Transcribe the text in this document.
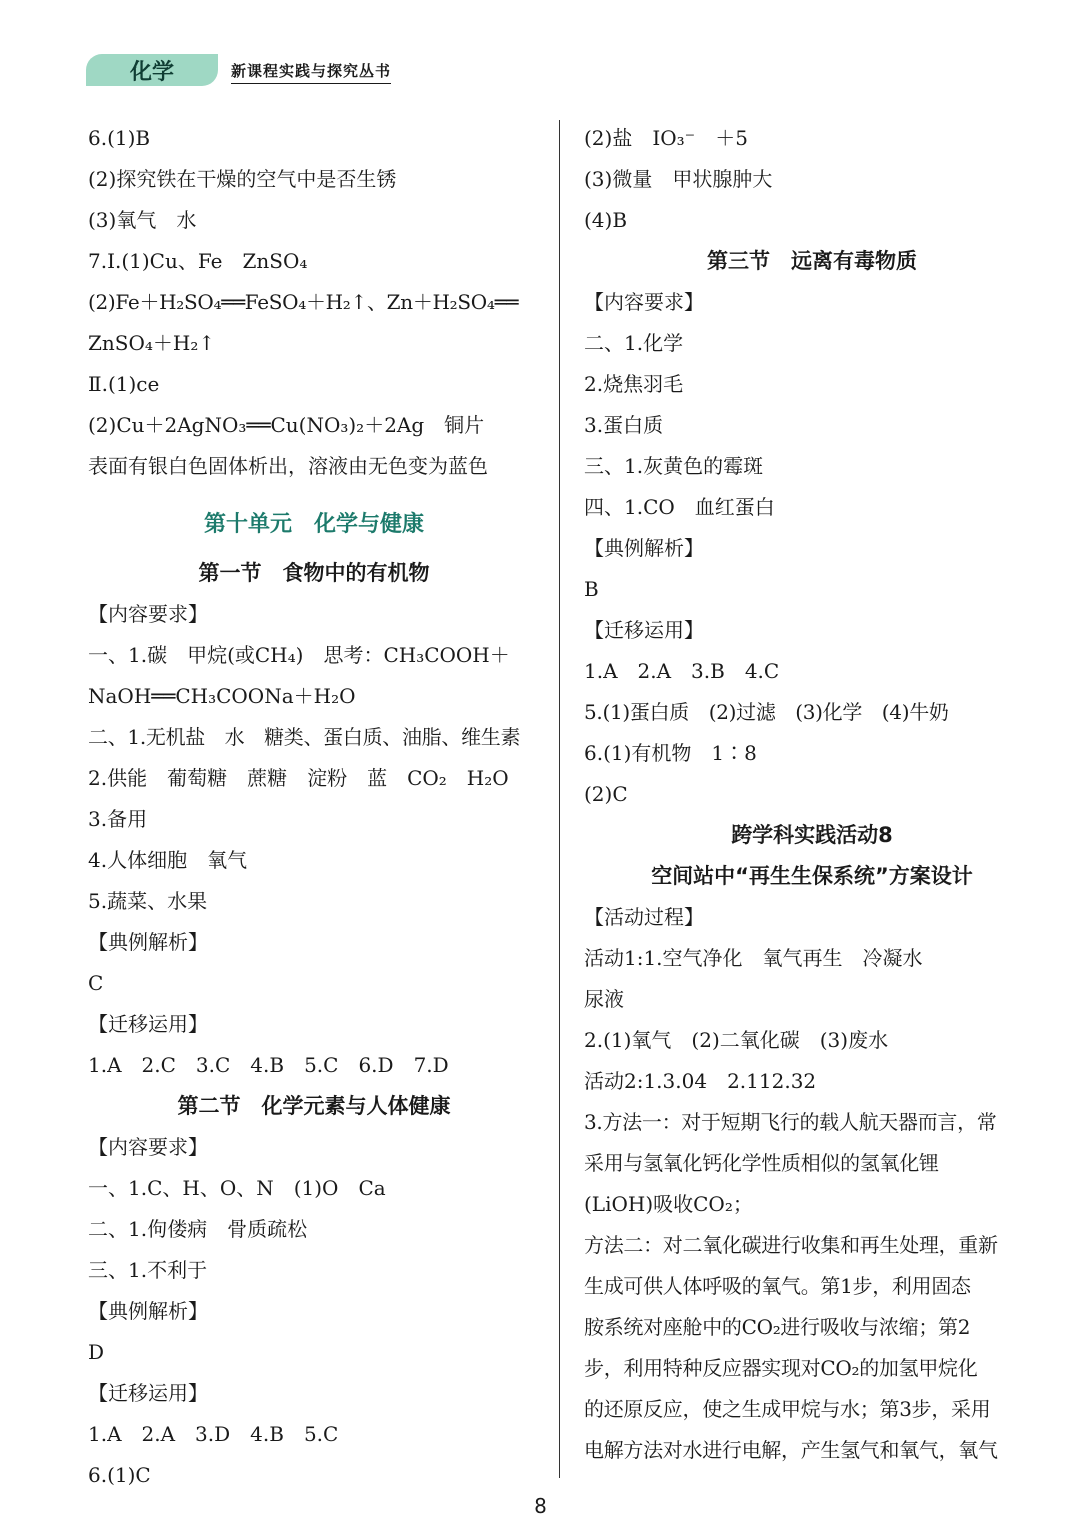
化学	新课程实践与探究丛书
6.(1)B
(2)探究铁在干燥的空气中是否生锈
(3)氧气　水
7.Ⅰ.(1)Cu、Fe　ZnSO₄
(2)Fe＋H₂SO₄══FeSO₄＋H₂↑、Zn＋H₂SO₄══
ZnSO₄＋H₂↑
Ⅱ.(1)ce
(2)Cu＋2AgNO₃══Cu(NO₃)₂＋2Ag　铜片
表面有银白色固体析出，溶液由无色变为蓝色
第十单元　化学与健康
第一节　食物中的有机物
【内容要求】
一、1.碳　甲烷(或CH₄)　思考：CH₃COOH＋
NaOH══CH₃COONa＋H₂O
二、1.无机盐　水　糖类、蛋白质、油脂、维生素
2.供能　葡萄糖　蔗糖　淀粉　蓝　CO₂　H₂O
3.备用
4.人体细胞　氧气
5.蔬菜、水果
【典例解析】
C
【迁移运用】
1.A　2.C　3.C　4.B　5.C　6.D　7.D
第二节　化学元素与人体健康
【内容要求】
一、1.C、H、O、N　(1)O　Ca
二、1.佝偻病　骨质疏松
三、1.不利于
【典例解析】
D
【迁移运用】
1.A　2.A　3.D　4.B　5.C
6.(1)C
(2)盐　IO₃⁻　＋5
(3)微量　甲状腺肿大
(4)B
第三节　远离有毒物质
【内容要求】
二、1.化学
2.烧焦羽毛
3.蛋白质
三、1.灰黄色的霉斑
四、1.CO　血红蛋白
【典例解析】
B
【迁移运用】
1.A　2.A　3.B　4.C
5.(1)蛋白质　(2)过滤　(3)化学　(4)牛奶
6.(1)有机物　1∶8
(2)C
跨学科实践活动8
空间站中“再生生保系统”方案设计
【活动过程】
活动1:1.空气净化　氧气再生　冷凝水
尿液
2.(1)氧气　(2)二氧化碳　(3)废水
活动2:1.3.04　2.112.32
3.方法一：对于短期飞行的载人航天器而言，常
采用与氢氧化钙化学性质相似的氢氧化锂
(LiOH)吸收CO₂；
方法二：对二氧化碳进行收集和再生处理，重新
生成可供人体呼吸的氧气。第1步，利用固态
胺系统对座舱中的CO₂进行吸收与浓缩；第2
步，利用特种反应器实现对CO₂的加氢甲烷化
的还原反应，使之生成甲烷与水；第3步，采用
电解方法对水进行电解，产生氢气和氧气，氧气
8
